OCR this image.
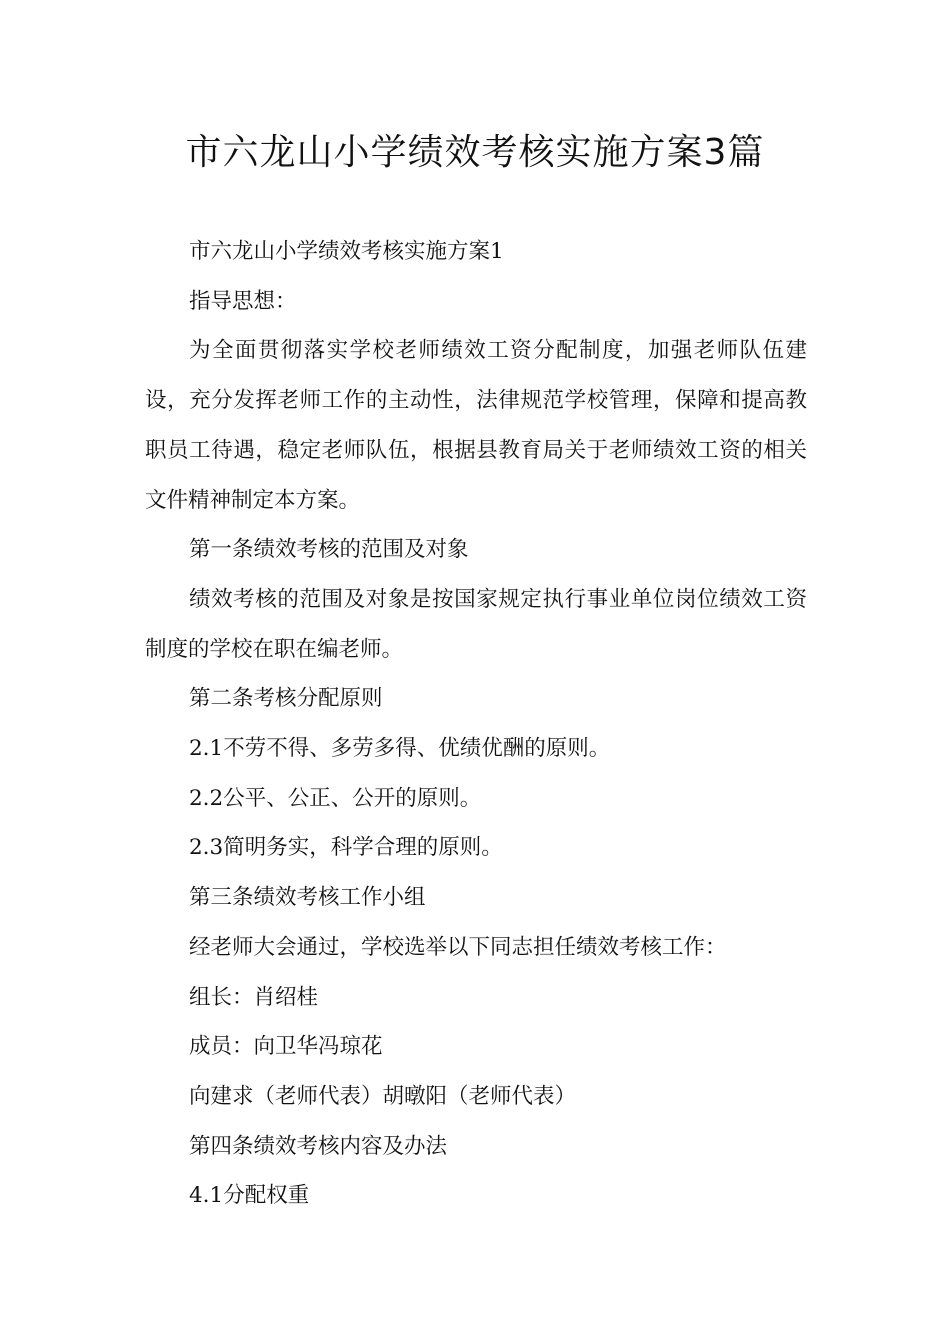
市六龙山小学绩效考核实施方案3篇

市六龙山小学绩效考核实施方案1

指导思想：

为全面贯彻落实学校老师绩效工资分配制度，加强老师队伍建设，充分发挥老师工作的主动性，法律规范学校管理，保障和提高教职员工待遇，稳定老师队伍，根据县教育局关于老师绩效工资的相关文件精神制定本方案。

第一条绩效考核的范围及对象

绩效考核的范围及对象是按国家规定执行事业单位岗位绩效工资制度的学校在职在编老师。

第二条考核分配原则

2.1不劳不得、多劳多得、优绩优酬的原则。

2.2公平、公正、公开的原则。

2.3简明务实，科学合理的原则。

第三条绩效考核工作小组

经老师大会通过，学校选举以下同志担任绩效考核工作：

组长：肖绍桂

成员：向卫华冯琼花

向建求（老师代表）胡暾阳（老师代表）

第四条绩效考核内容及办法

4.1分配权重
